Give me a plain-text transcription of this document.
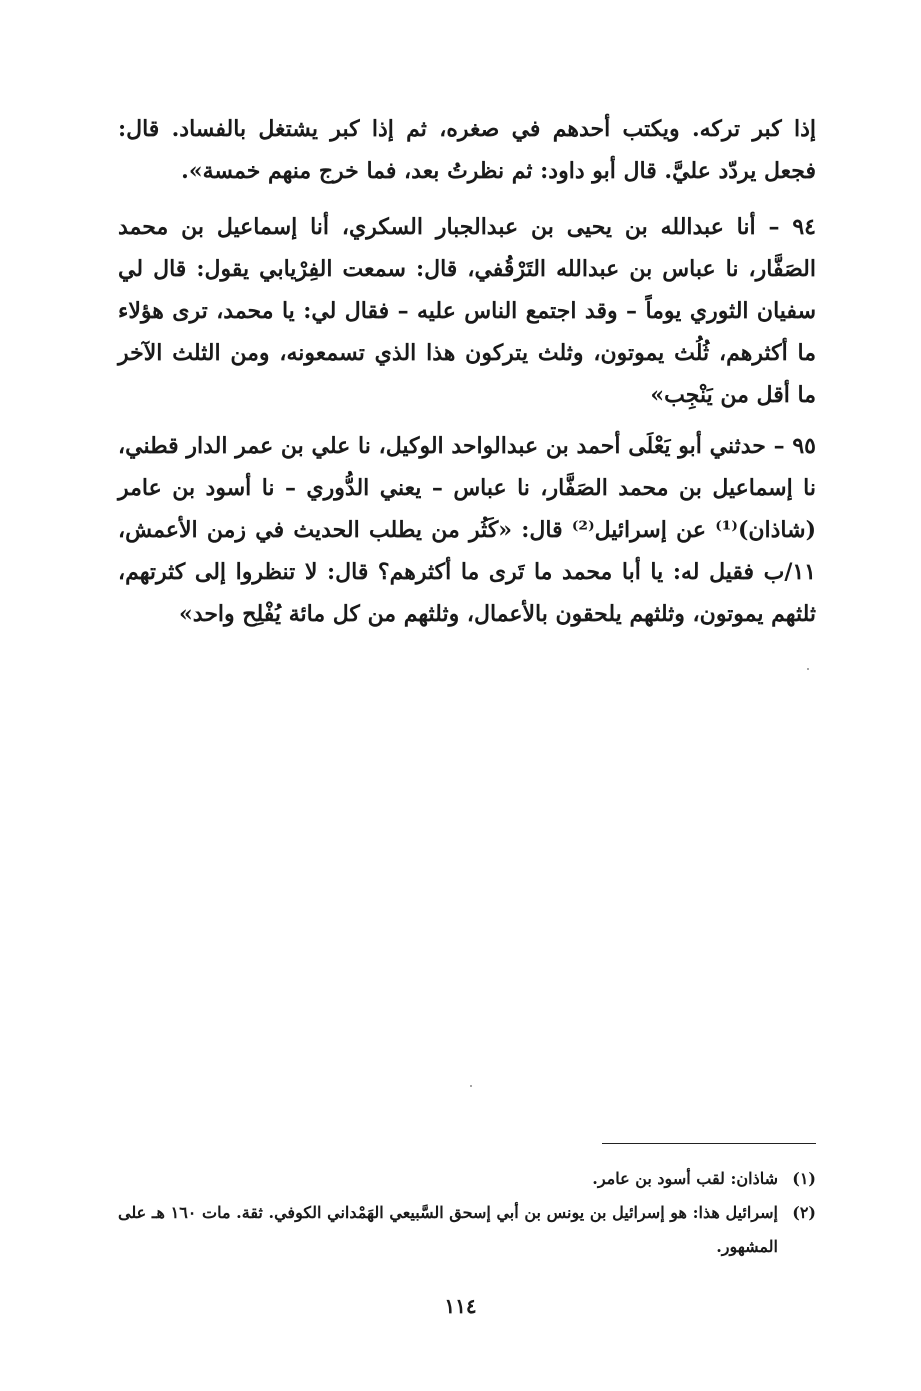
إذا كبر تركه. ويكتب أحدهم في صغره، ثم إذا كبر يشتغل بالفساد. قال: فجعل يردّد عليَّ. قال أبو داود: ثم نظرتُ بعد، فما خرج منهم خمسة».

٩٤ – أنا عبدالله بن يحيى بن عبدالجبار السكري، أنا إسماعيل بن محمد الصَفَّار، نا عباس بن عبدالله التَرْقُفي، قال: سمعت الفِرْيابي يقول: قال لي سفيان الثوري يوماً – وقد اجتمع الناس عليه – فقال لي: يا محمد، ترى هؤلاء ما أكثرهم، ثُلُث يموتون، وثلث يتركون هذا الذي تسمعونه، ومن الثلث الآخر ما أقل من يَنْجِب»

٩٥ – حدثني أبو يَعْلَى أحمد بن عبدالواحد الوكيل، نا علي بن عمر الدار قطني، نا إسماعيل بن محمد الصَفَّار، نا عباس – يعني الدُّوري – نا أسود بن عامر (شاذان)⁽¹⁾ عن إسرائيل⁽²⁾ قال: «كَثُر من يطلب الحديث في زمن الأعمش، ١١/ب فقيل له: يا أبا محمد ما تَرى ما أكثرهم؟ قال: لا تنظروا إلى كثرتهم، ثلثهم يموتون، وثلثهم يلحقون بالأعمال، وثلثهم من كل مائة يُفْلِح واحد»

(١)
شاذان: لقب أسود بن عامر.
(٢)
إسرائيل هذا: هو إسرائيل بن يونس بن أبي إسحق السَّبيعي الهَمْداني الكوفي. ثقة. مات ١٦٠ هـ على المشهور.
١١٤
